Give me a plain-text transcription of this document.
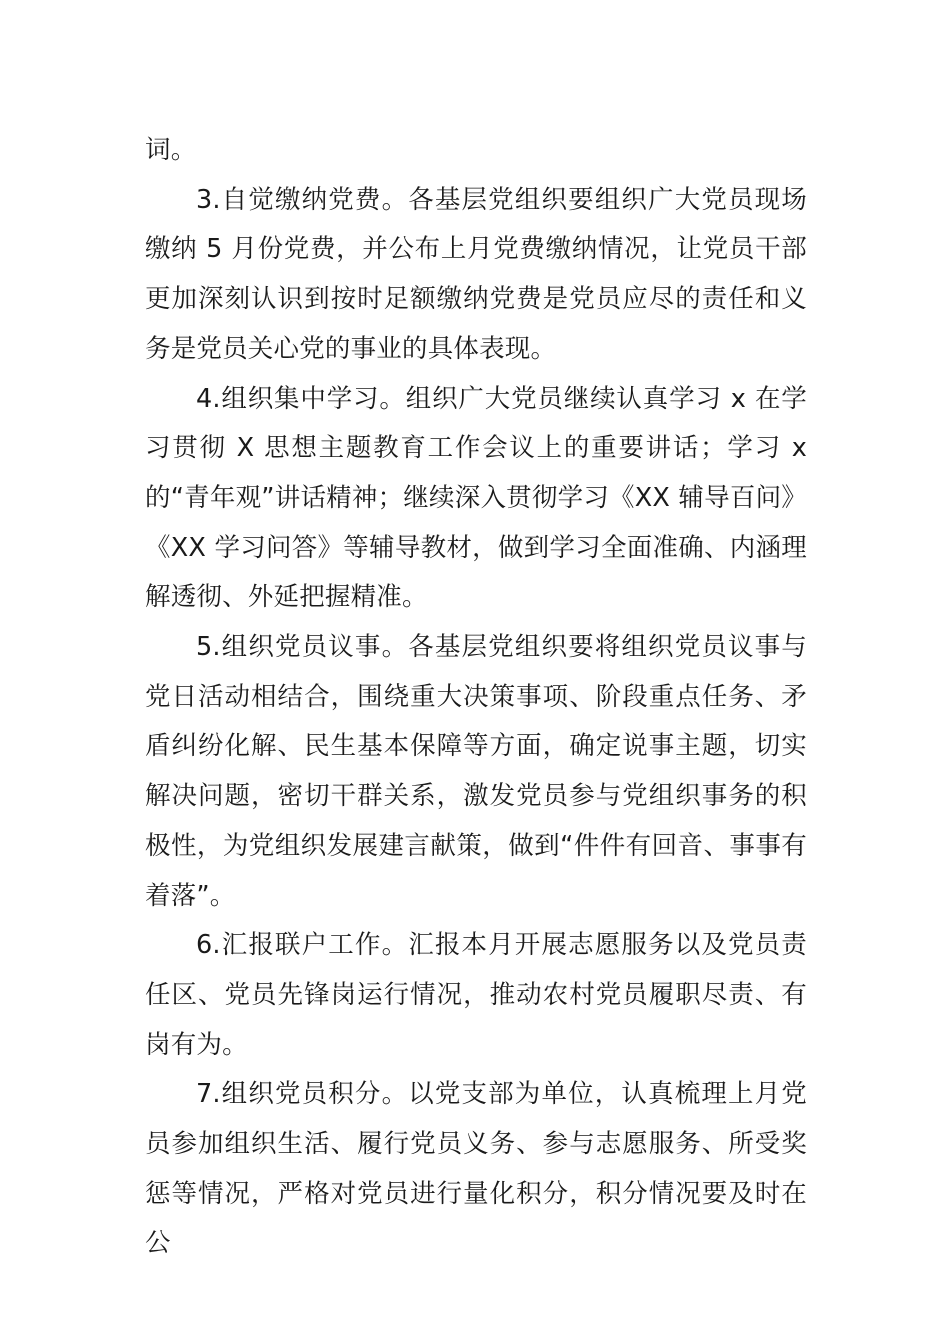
词。

3.自觉缴纳党费。各基层党组织要组织广大党员现场缴纳 5 月份党费，并公布上月党费缴纳情况，让党员干部更加深刻认识到按时足额缴纳党费是党员应尽的责任和义务是党员关心党的事业的具体表现。

4.组织集中学习。组织广大党员继续认真学习 x 在学习贯彻 X 思想主题教育工作会议上的重要讲话；学习 x 的“青年观”讲话精神；继续深入贯彻学习《XX 辅导百问》《XX 学习问答》等辅导教材，做到学习全面准确、内涵理解透彻、外延把握精准。

5.组织党员议事。各基层党组织要将组织党员议事与党日活动相结合，围绕重大决策事项、阶段重点任务、矛盾纠纷化解、民生基本保障等方面，确定说事主题，切实解决问题，密切干群关系，激发党员参与党组织事务的积极性，为党组织发展建言献策，做到“件件有回音、事事有着落”。

6.汇报联户工作。汇报本月开展志愿服务以及党员责任区、党员先锋岗运行情况，推动农村党员履职尽责、有岗有为。

7.组织党员积分。以党支部为单位，认真梳理上月党员参加组织生活、履行党员义务、参与志愿服务、所受奖惩等情况，严格对党员进行量化积分，积分情况要及时在公
